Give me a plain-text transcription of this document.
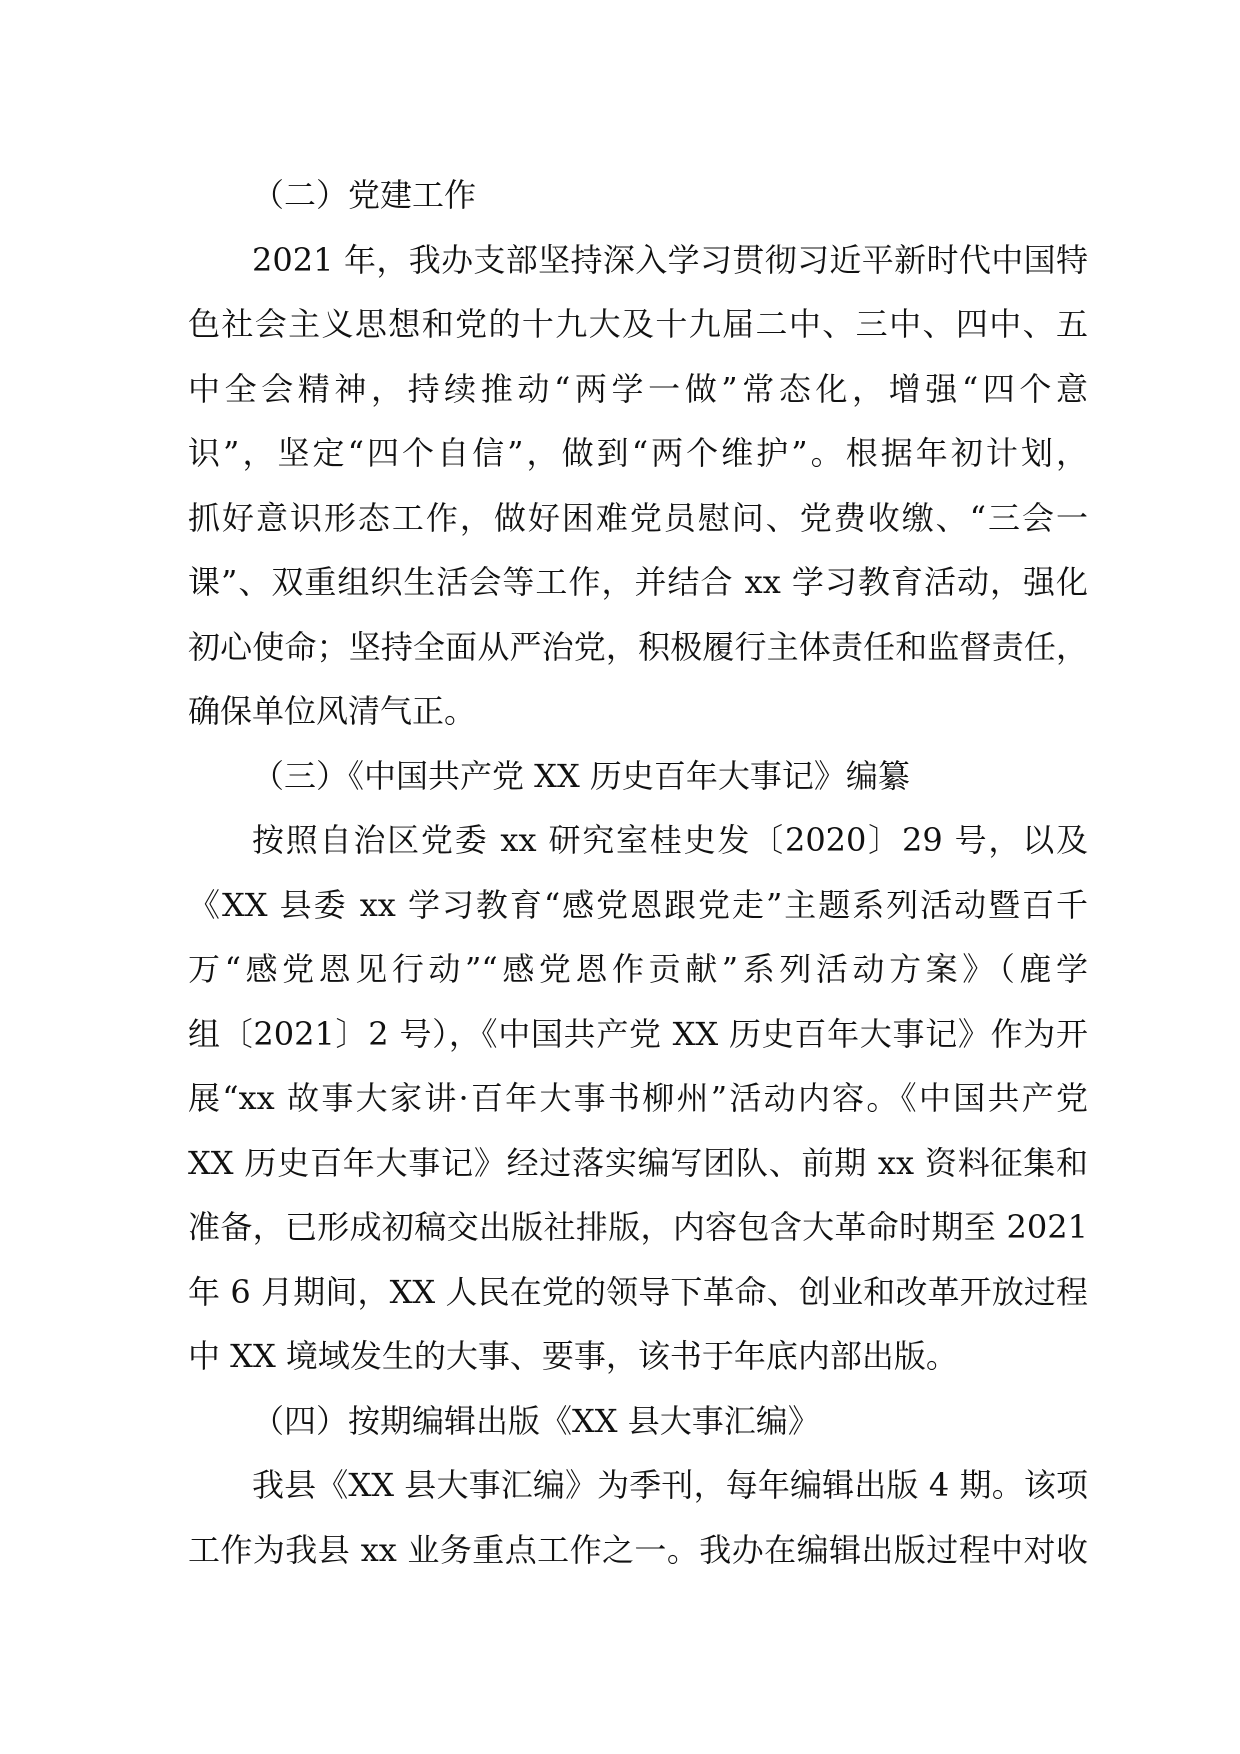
（二）党建工作
2021 年，我办支部坚持深入学习贯彻习近平新时代中国特
色社会主义思想和党的十九大及十九届二中、三中、四中、五
中全会精神，持续推动“两学一做”常态化，增强“四个意
识”，坚定“四个自信”，做到“两个维护”。根据年初计划，
抓好意识形态工作，做好困难党员慰问、党费收缴、“三会一
课”、双重组织生活会等工作，并结合 xx 学习教育活动，强化
初心使命；坚持全面从严治党，积极履行主体责任和监督责任，
确保单位风清气正。
（三）《中国共产党 XX 历史百年大事记》编纂
按照自治区党委 xx 研究室桂史发〔2020〕29 号，以及
《XX 县委 xx 学习教育“感党恩跟党走”主题系列活动暨百千
万“感党恩见行动”“感党恩作贡献”系列活动方案》（鹿学
组〔2021〕2 号），《中国共产党 XX 历史百年大事记》作为开
展“xx 故事大家讲·百年大事书柳州”活动内容。《中国共产党
XX 历史百年大事记》经过落实编写团队、前期 xx 资料征集和
准备，已形成初稿交出版社排版，内容包含大革命时期至 2021
年 6 月期间，XX 人民在党的领导下革命、创业和改革开放过程
中 XX 境域发生的大事、要事，该书于年底内部出版。
（四）按期编辑出版《XX 县大事汇编》
我县《XX 县大事汇编》为季刊，每年编辑出版 4 期。该项
工作为我县 xx 业务重点工作之一。我办在编辑出版过程中对收
